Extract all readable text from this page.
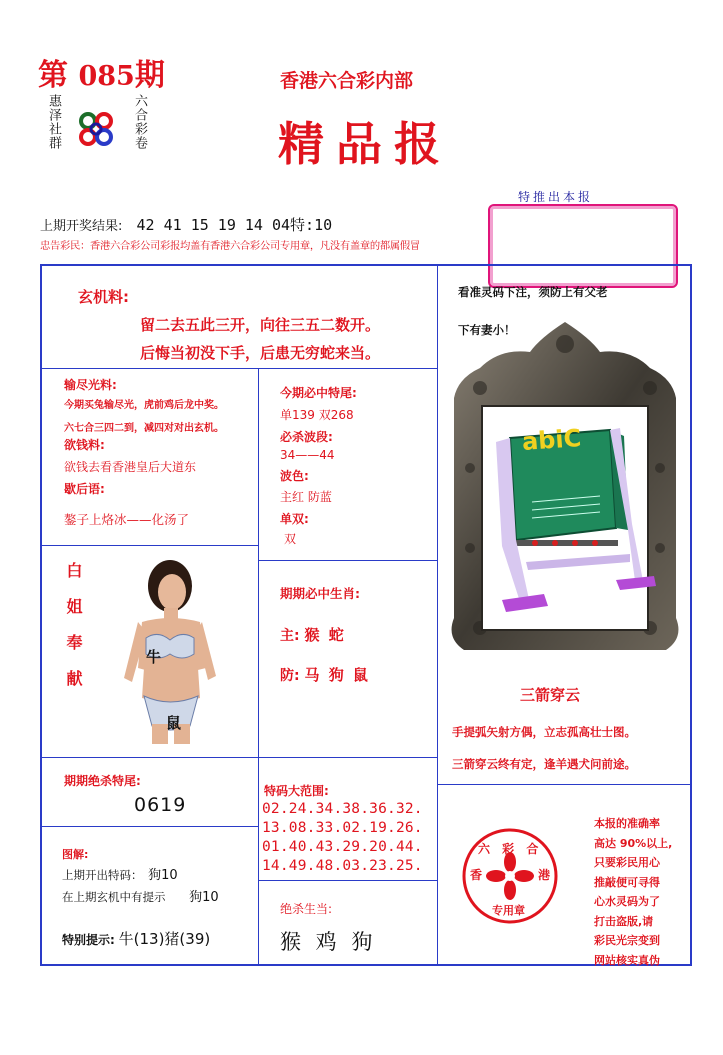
第 085期
惠泽社群	六合彩卷
香港六合彩内部
精品报
特推出本报
上期开奖结果: 42 41 15 19 14 04特:10
忠告彩民：香港六合彩公司彩报均盖有香港六合彩公司专用章，凡没有盖章的都属假冒
玄机料:
留二去五此三开，向往三五二数开。
后悔当初没下手，后患无穷蛇来当。
看准灵码下注，须防上有父老
下有妻小！
输尽光料:
今期买兔输尽光，虎前鸡后龙中奖。
六七合三四二到，减四对对出玄机。
欲钱料:
欲钱去看香港皇后大道东
歇后语:
鏊子上烙冰——化汤了
今期必中特尾:
单139 双268
必杀波段:
34——44
波色:
主红 防蓝
单双:
双
白姐奉献	牛
鼠
期期必中生肖:
主: 猴 蛇
防: 马 狗 鼠
abiC
三箭穿云
手提弧矢射方偶，立志孤高壮士图。
三箭穿云终有定，逢羊遇犬问前途。
期期绝杀特尾:
0619
特码大范围:
02.24.34.38.36.32.
13.08.33.02.19.26.
01.40.43.29.20.44.
14.49.48.03.23.25.
图解:
上期开出特码： 狗10
在上期玄机中有提示 狗10
特别提示: 牛(13)猪(39)
绝杀生当:
猴 鸡 狗
六 彩 合
香	港
专用章
本报的准确率
高达 90%以上,
只要彩民用心
推敲便可寻得
心水灵码为了
打击盗版,请
彩民光宗变到
网站核实真伪
